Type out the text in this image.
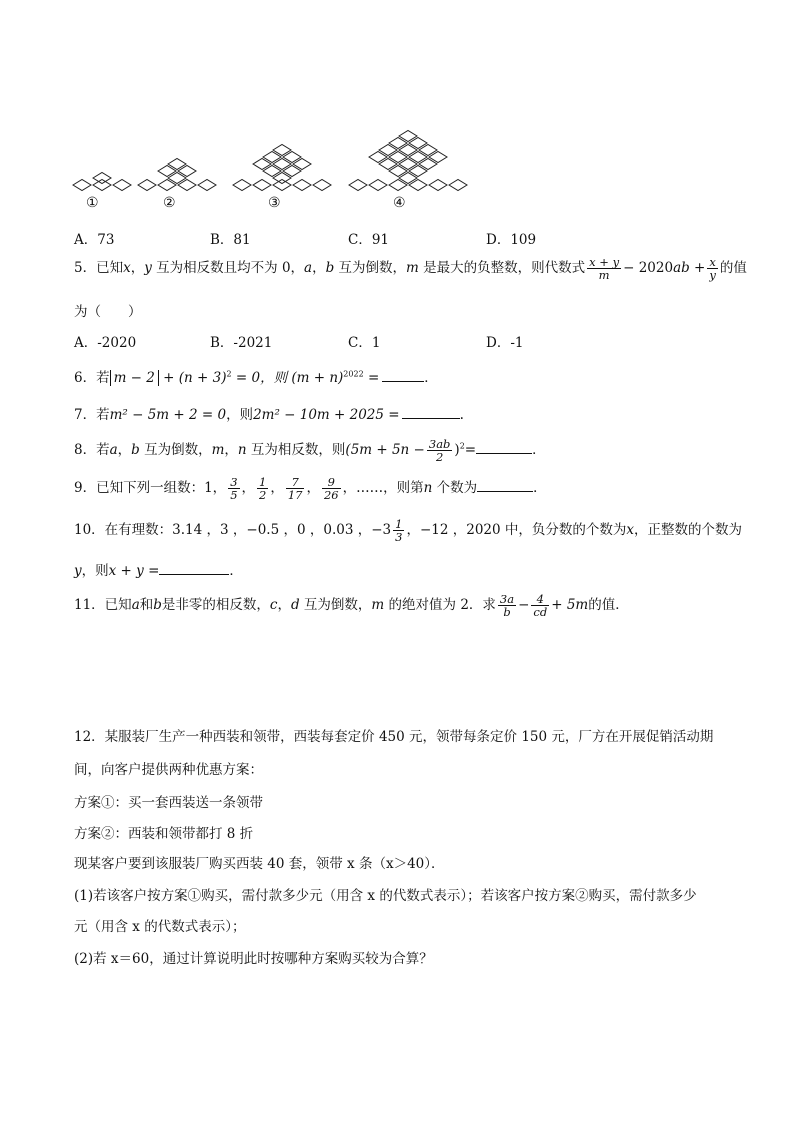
①	②	③	④
A．73	B．81	C．91	D．109
5．已知x，y 互为相反数且均不为 0，a，b 互为倒数，m 是最大的负整数，则代数式 $\frac{x + y}{m} - 2020ab + \frac{x}{y}$ 的值
为（　　）
A．-2020	B．-2021	C．1	D．-1
6．若 $m - 2 + (n + 3)^2 = 0$，则 $(m + n)^{2022}$ =	．
7．若m² − 5m + 2 = 0，则2m² − 10m + 2025 =	.
8．若a，b 互为倒数，m，n 互为相反数，则$(5m + 5n - \frac{3ab}{2} )^2=$	．
9．已知下列一组数：1， $\frac{3}{5}$ ， $\frac{1}{2}$ ， $\frac{7}{17}$ ， $\frac{9}{26}$ ，……，则第n 个数为	．
10．在有理数：3.14 ，3 ，−0.5 ，0 ，0.03 ，$-3 \frac{1}{3}$ ，−12 ，2020 中，负分数的个数为x，正整数的个数为
y，则x + y =	．
11．已知a和b是非零的相反数，c，d 互为倒数，m 的绝对值为 2．求 $\frac{3a}{b} - \frac{4}{cd} + 5m$的值．
12．某服装厂生产一种西装和领带，西装每套定价 450 元，领带每条定价 150 元，厂方在开展促销活动期
间，向客户提供两种优惠方案：
方案①：买一套西装送一条领带
方案②：西装和领带都打 8 折
现某客户要到该服装厂购买西装 40 套，领带 x 条（x＞40）．
(1)若该客户按方案①购买，需付款多少元（用含 x 的代数式表示）；若该客户按方案②购买，需付款多少
元（用含 x 的代数式表示）；
(2)若 x＝60，通过计算说明此时按哪种方案购买较为合算？
